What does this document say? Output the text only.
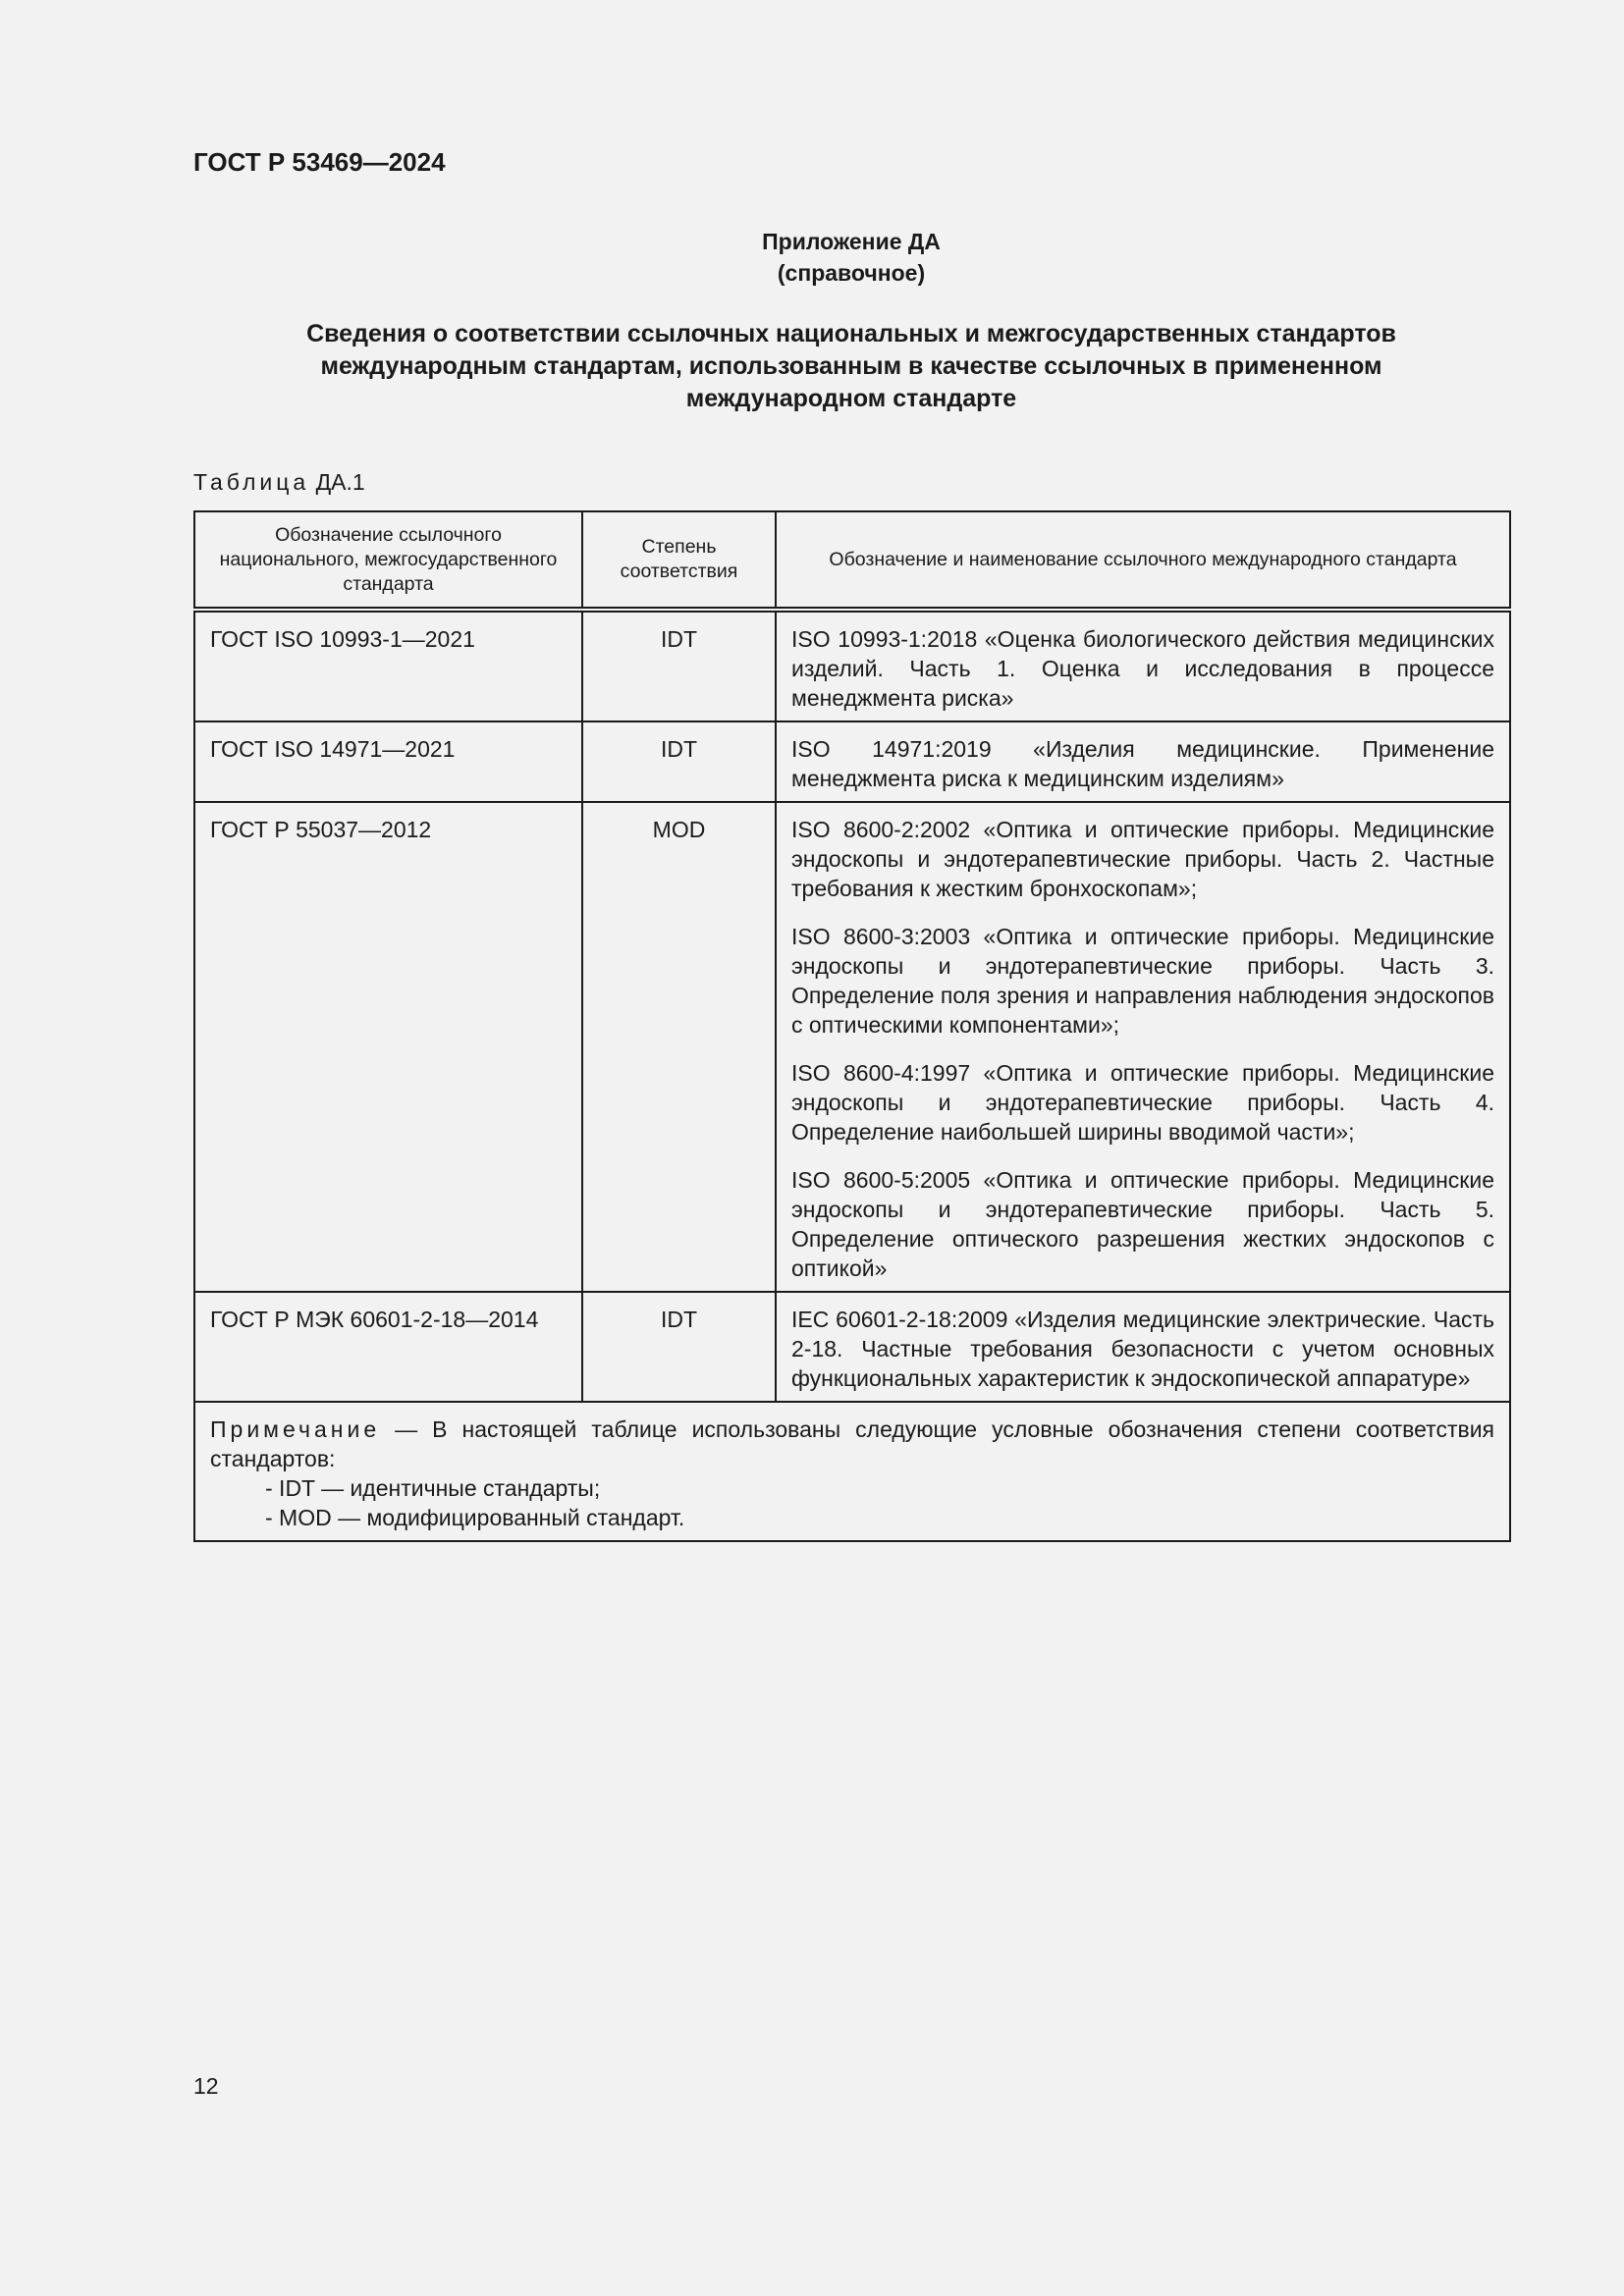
ГОСТ Р 53469—2024
Приложение ДА
(справочное)
Сведения о соответствии ссылочных национальных и межгосударственных стандартов
международным стандартам, использованным в качестве ссылочных в примененном
международном стандарте

Таблица ДА.1

Обозначение ссылочного национального, межгосударственного стандарта	Степень соответствия	Обозначение и наименование ссылочного международного стандарта
ГОСТ ISO 10993-1—2021	IDT	ISO 10993-1:2018 «Оценка биологического действия медицинских изделий. Часть 1. Оценка и исследования в процессе менеджмента риска»

ГОСТ ISO 14971—2021	IDT	ISO 14971:2019 «Изделия медицинские. Применение менеджмента риска к медицинским изделиям»

ГОСТ Р 55037—2012	MOD	ISO 8600-2:2002 «Оптика и оптические приборы. Медицинские эндоскопы и эндотерапевтические приборы. Часть 2. Частные требования к жестким бронхоскопам»;

ISO 8600-3:2003 «Оптика и оптические приборы. Медицинские эндоскопы и эндотерапевтические приборы. Часть 3. Определение поля зрения и направления наблюдения эндоскопов с оптическими компонентами»;

ISO 8600-4:1997 «Оптика и оптические приборы. Медицинские эндоскопы и эндотерапевтические приборы. Часть 4. Определение наибольшей ширины вводимой части»;

ISO 8600-5:2005 «Оптика и оптические приборы. Медицинские эндоскопы и эндотерапевтические приборы. Часть 5. Определение оптического разрешения жестких эндоскопов с оптикой»

ГОСТ Р МЭК 60601-2-18—2014	IDT	IEC 60601-2-18:2009 «Изделия медицинские электрические. Часть 2-18. Частные требования безопасности с учетом основных функциональных характеристик к эндоскопической аппаратуре»

Примечание — В настоящей таблице использованы следующие условные обозначения степени соответствия стандартов:

- IDT — идентичные стандарты;

- MOD — модифицированный стандарт.		

12
